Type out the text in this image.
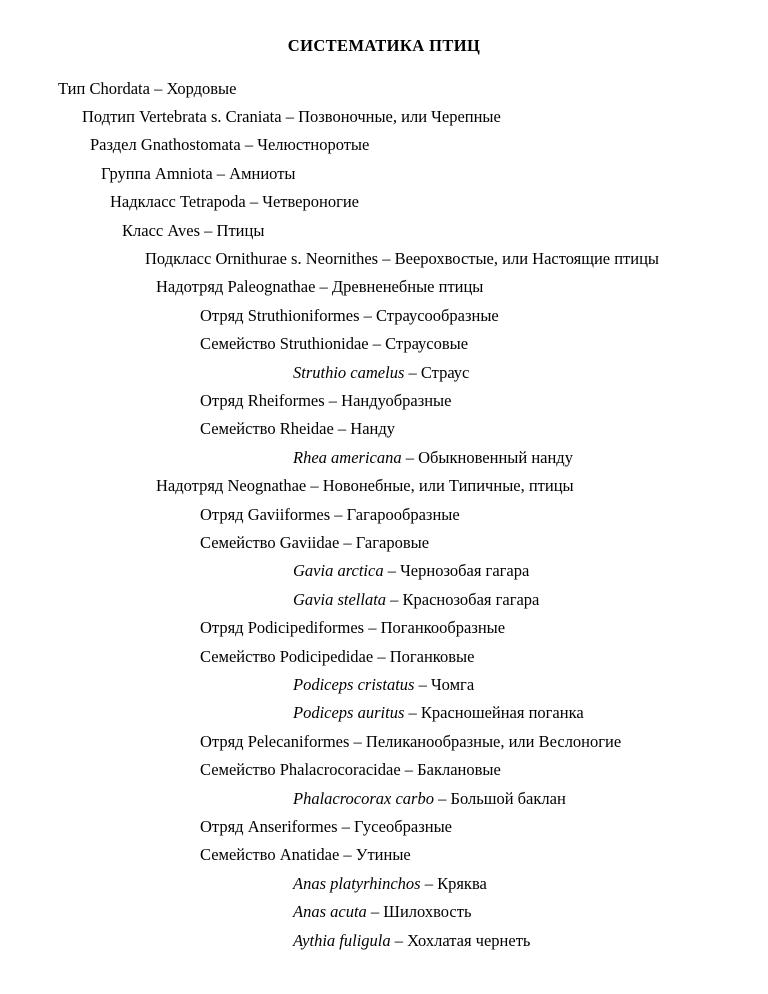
СИСТЕМАТИКА ПТИЦ
Тип Chordata – Хордовые
Подтип Vertebrata s. Craniata – Позвоночные, или Черепные
Раздел Gnathostomata – Челюстноротые
Группа Amniota – Амниоты
Надкласс Tetrapoda – Четвероногие
Класс Aves – Птицы
Подкласс Ornithurae s. Neornithes – Веерохвостые, или Настоящие птицы
Надотряд Paleognathae – Древненебные птицы
Отряд Struthioniformes – Страусообразные
Семейство Struthionidae – Страусовые
Struthio camelus – Страус
Отряд Rheiformes – Нандуобразные
Семейство Rheidae – Нанду
Rhea americana – Обыкновенный нанду
Надотряд Neognathae – Новонебные, или Типичные, птицы
Отряд Gaviiformes – Гагарообразные
Семейство Gaviidae – Гагаровые
Gavia arctica – Чернозобая гагара
Gavia stellata – Краснозобая гагара
Отряд Podicipediformes – Поганкообразные
Семейство Podicipedidae – Поганковые
Podiceps cristatus – Чомга
Podiceps auritus – Красношейная поганка
Отряд Pelecaniformes – Пеликанообразные, или Веслоногие
Семейство Phalacrocoracidae – Баклановые
Phalacrocorax carbo – Большой баклан
Отряд Anseriformes – Гусеобразные
Семейство Anatidae – Утиные
Anas platyrhinchos – Кряква
Anas acuta – Шилохвость
Aythia fuligula – Хохлатая чернеть
